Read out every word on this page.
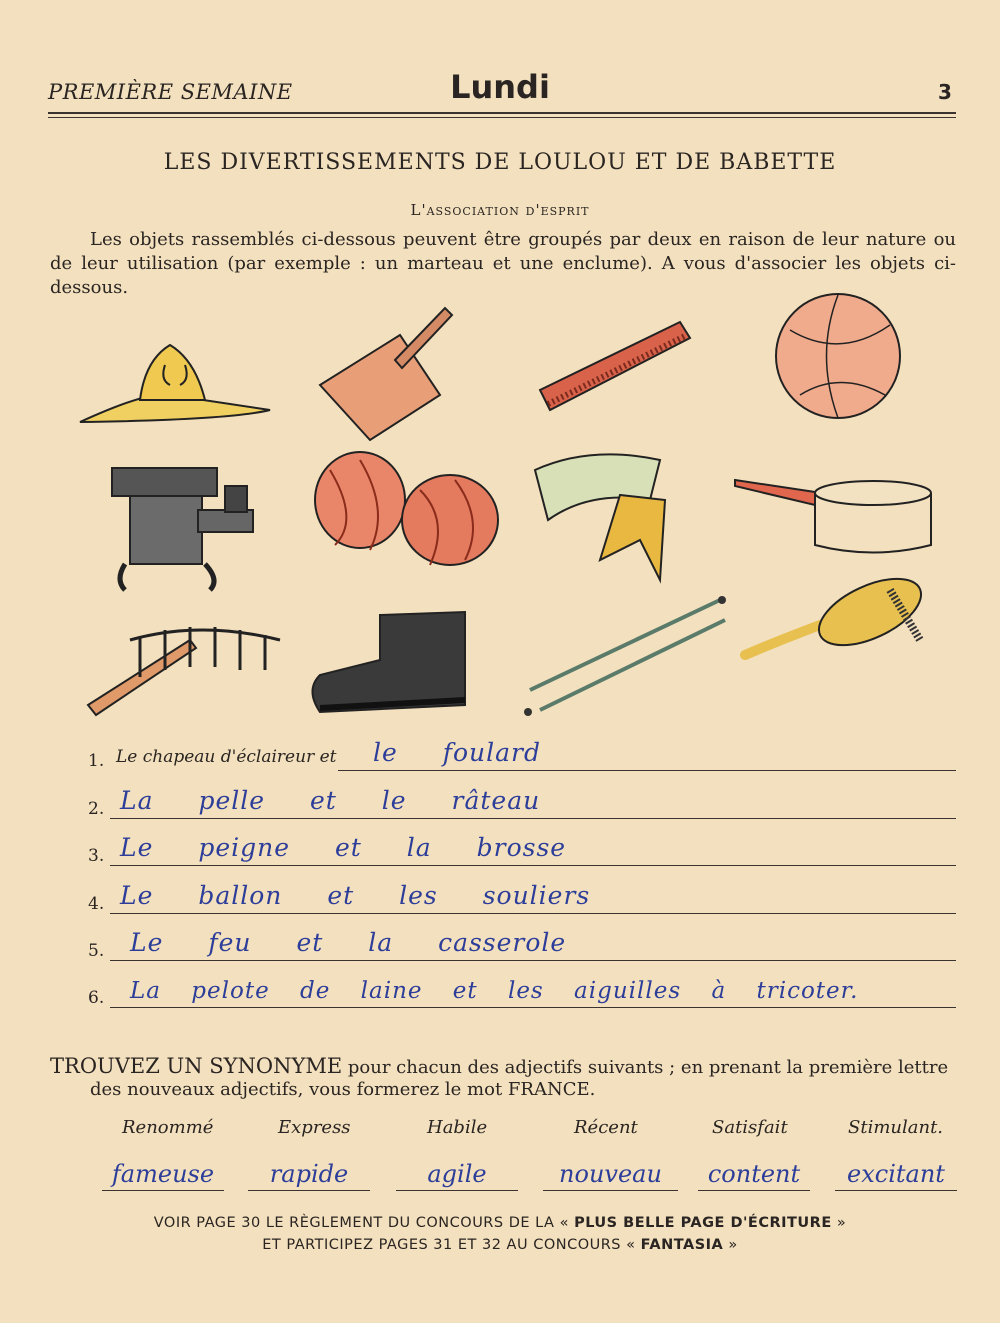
PREMIÈRE SEMAINE	Lundi	3
LES DIVERTISSEMENTS DE LOULOU ET DE BABETTE
L'association d'esprit
Les objets rassemblés ci-dessous peuvent être groupés par deux en raison de leur nature ou de leur utilisation (par exemple : un marteau et une enclume). A vous d'associer les objets ci-dessous.
1. Le chapeau d'éclaireur et le foulard
2. La pelle et le râteau
3. Le peigne et la brosse
4. Le ballon et les souliers
5. Le feu et la casserole
6. La pelote de laine et les aiguilles à tricoter.
TROUVEZ UN SYNONYME pour chacun des adjectifs suivants ; en prenant la première lettre
des nouveaux adjectifs, vous formerez le mot FRANCE.
Renommé	Express	Habile	Récent	Satisfait	Stimulant.
fameuse	rapide	agile	nouveau	content	excitant
VOIR PAGE 30 LE RÈGLEMENT DU CONCOURS DE LA « PLUS BELLE PAGE D'ÉCRITURE »
ET PARTICIPEZ PAGES 31 ET 32 AU CONCOURS « FANTASIA »
